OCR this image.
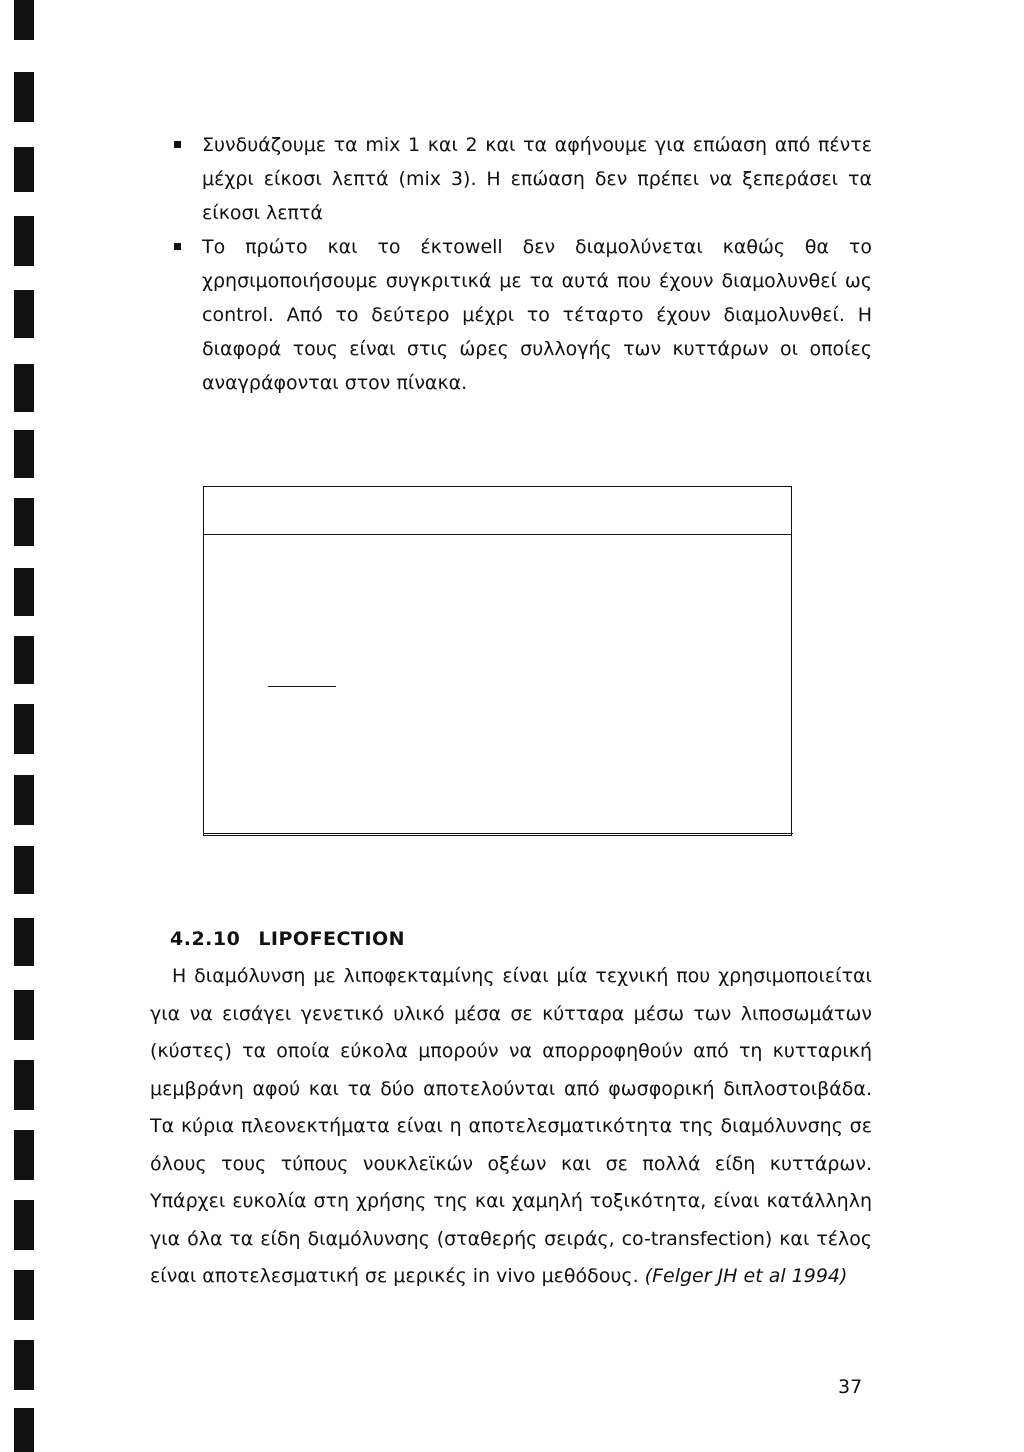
Συνδυάζουμε τα mix 1 και 2 και τα αφήνουμε για επώαση από πέντε μέχρι είκοσι λεπτά (mix 3). Η επώαση δεν πρέπει να ξεπεράσει τα είκοσι λεπτά
Το πρώτο και το έκτοwell δεν διαμολύνεται καθώς θα το χρησιμοποιήσουμε συγκριτικά με τα αυτά που έχουν διαμολυνθεί ως control. Από το δεύτερο μέχρι το τέταρτο έχουν διαμολυνθεί. Η διαφορά τους είναι στις ώρες συλλογής των κυττάρων οι οποίες αναγράφονται στον πίνακα.
4.2.10 LIPOFECTION
Η διαμόλυνση με λιποφεκταμίνης είναι μία τεχνική που χρησιμοποιείται για να εισάγει γενετικό υλικό μέσα σε κύτταρα μέσω των λιποσωμάτων (κύστες) τα οποία εύκολα μπορούν να απορροφηθούν από τη κυτταρική μεμβράνη αφού και τα δύο αποτελούνται από φωσφορική διπλοστοιβάδα. Τα κύρια πλεονεκτήματα είναι η αποτελεσματικότητα της διαμόλυνσης σε όλους τους τύπους νουκλεϊκών οξέων και σε πολλά είδη κυττάρων. Υπάρχει ευκολία στη χρήσης της και χαμηλή τοξικότητα, είναι κατάλληλη για όλα τα είδη διαμόλυνσης (σταθερής σειράς, co-transfection) και τέλος είναι αποτελεσματική σε μερικές in vivo μεθόδους. (Felger JH et al 1994)
37
